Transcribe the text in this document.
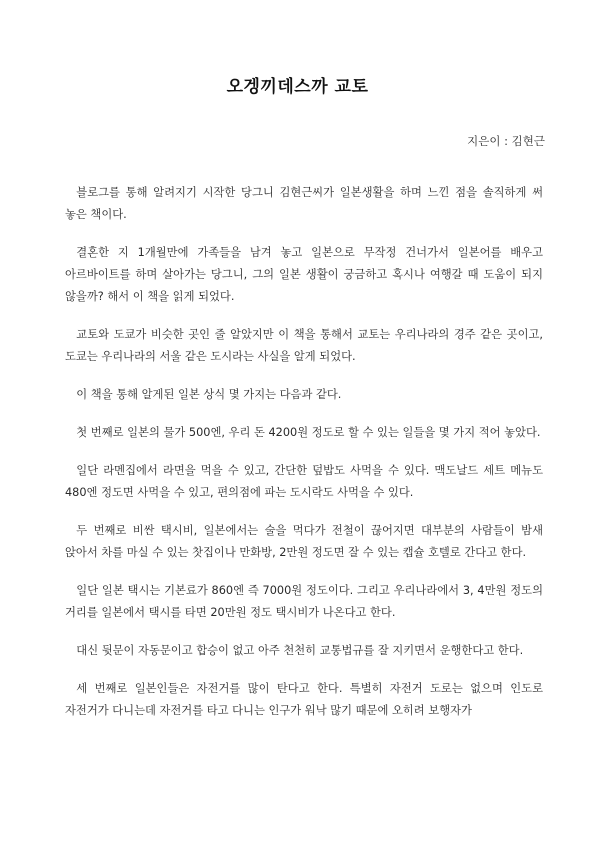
오겡끼데스까 교토
지은이 : 김현근

블로그를 통해 알려지기 시작한 당그니 김현근씨가 일본생활을 하며 느낀 점을 솔직하게 써 놓은 책이다.

결혼한 지 1개월만에 가족들을 남겨 놓고 일본으로 무작정 건너가서 일본어를 배우고 아르바이트를 하며 살아가는 당그니, 그의 일본 생활이 궁금하고 혹시나 여행갈 때 도움이 되지 않을까? 해서 이 책을 읽게 되었다.

교토와 도쿄가 비슷한 곳인 줄 알았지만 이 책을 통해서 교토는 우리나라의 경주 같은 곳이고, 도쿄는 우리나라의 서울 같은 도시라는 사실을 알게 되었다.

이 책을 통해 알게된 일본 상식 몇 가지는 다음과 같다.

첫 번째로 일본의 물가 500엔, 우리 돈 4200원 정도로 할 수 있는 일들을 몇 가지 적어 놓았다.

일단 라멘집에서 라면을 먹을 수 있고, 간단한 덮밥도 사먹을 수 있다. 맥도날드 세트 메뉴도 480엔 정도면 사먹을 수 있고, 편의점에 파는 도시락도 사먹을 수 있다.

두 번째로 비싼 택시비, 일본에서는 술을 먹다가 전철이 끊어지면 대부분의 사람들이 밤새 앉아서 차를 마실 수 있는 찻집이나 만화방, 2만원 정도면 잘 수 있는 캡슐 호텔로 간다고 한다.

일단 일본 택시는 기본료가 860엔 즉 7000원 정도이다. 그리고 우리나라에서 3, 4만원 정도의 거리를 일본에서 택시를 타면 20만원 정도 택시비가 나온다고 한다.

대신 뒷문이 자동문이고 합승이 없고 아주 천천히 교통법규를 잘 지키면서 운행한다고 한다.

세 번째로 일본인들은 자전거를 많이 탄다고 한다. 특별히 자전거 도로는 없으며 인도로 자전거가 다니는데 자전거를 타고 다니는 인구가 워낙 많기 때문에 오히려 보행자가
